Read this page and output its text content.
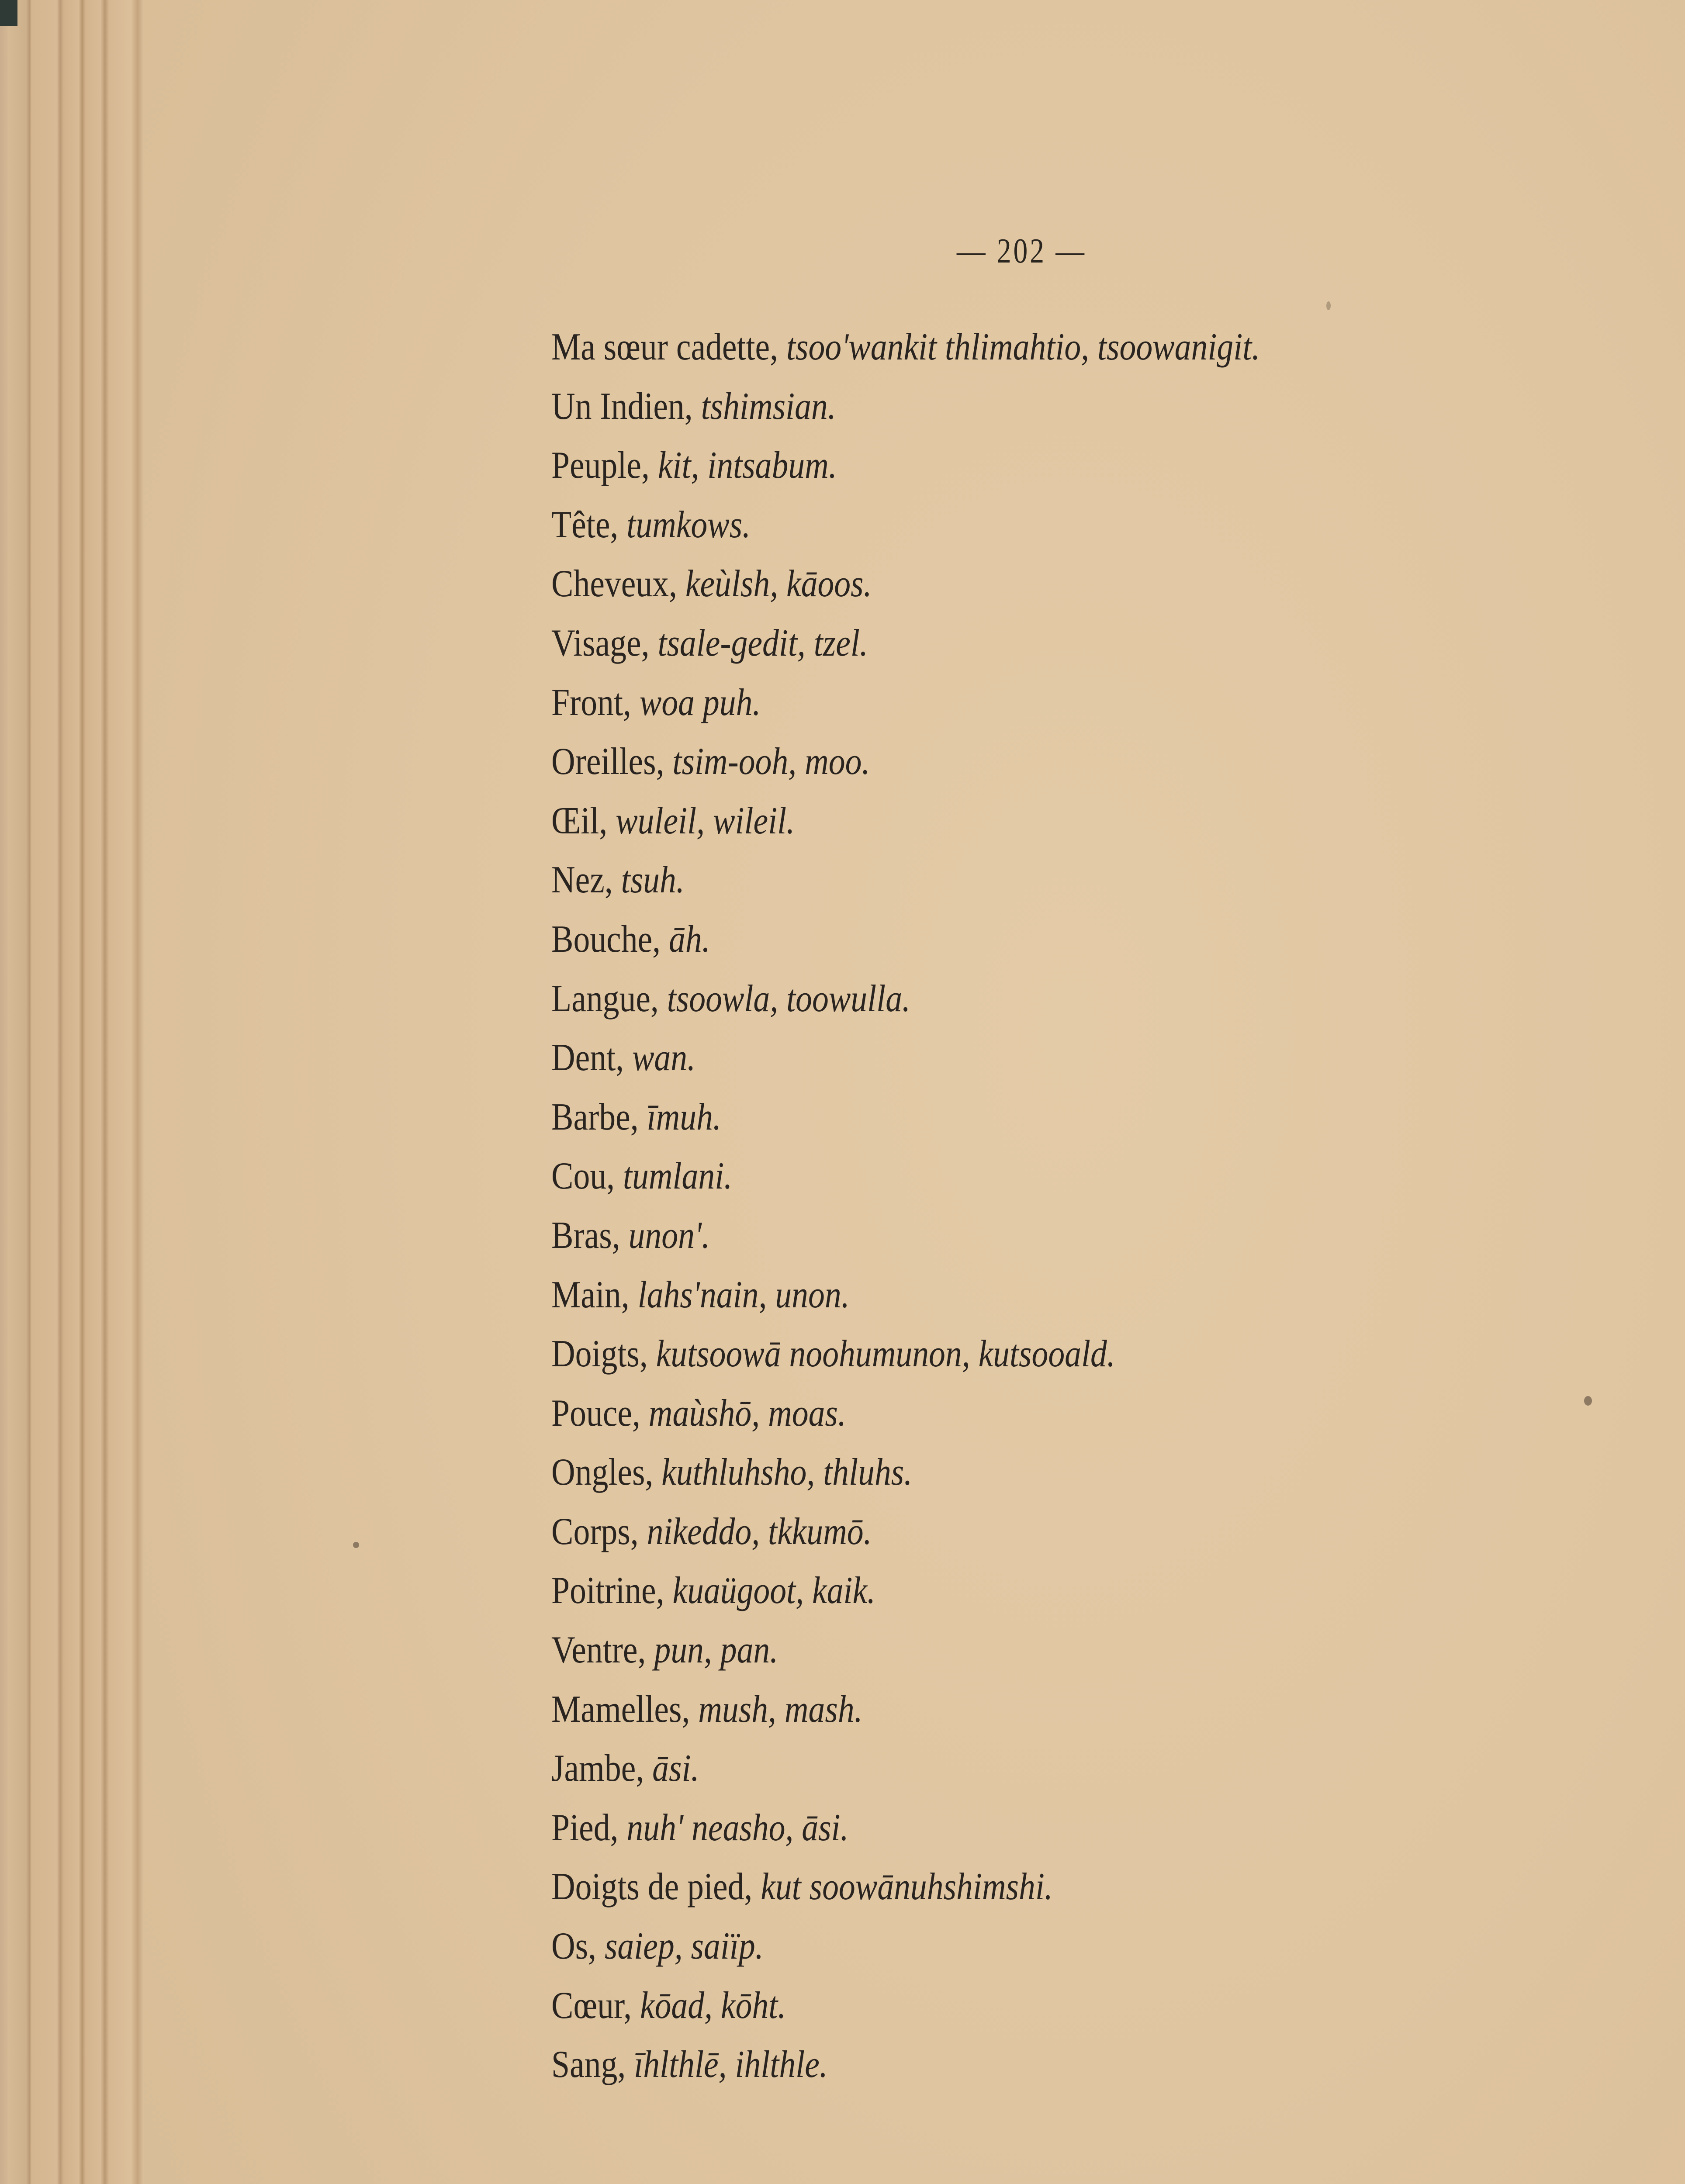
— 202 —
Ma sœur cadette, tsoo'wankit thlimahtio, tsoowanigit.
Un Indien, tshimsian.
Peuple, kit, intsabum.
Tête, tumkows.
Cheveux, keùlsh, kāoos.
Visage, tsale-gedit, tzel.
Front, woa puh.
Oreilles, tsim-ooh, moo.
Œil, wuleil, wileil.
Nez, tsuh.
Bouche, āh.
Langue, tsoowla, toowulla.
Dent, wan.
Barbe, īmuh.
Cou, tumlani.
Bras, unon'.
Main, lahs'nain, unon.
Doigts, kutsoowā noohumunon, kutsooald.
Pouce, maùshō, moas.
Ongles, kuthluhsho, thluhs.
Corps, nikeddo, tkkumō.
Poitrine, kuaügoot, kaik.
Ventre, pun, pan.
Mamelles, mush, mash.
Jambe, āsi.
Pied, nuh' neasho, āsi.
Doigts de pied, kut soowānuhshimshi.
Os, saiep, saiïp.
Cœur, kōad, kōht.
Sang, īhlthlē, ihlthle.
